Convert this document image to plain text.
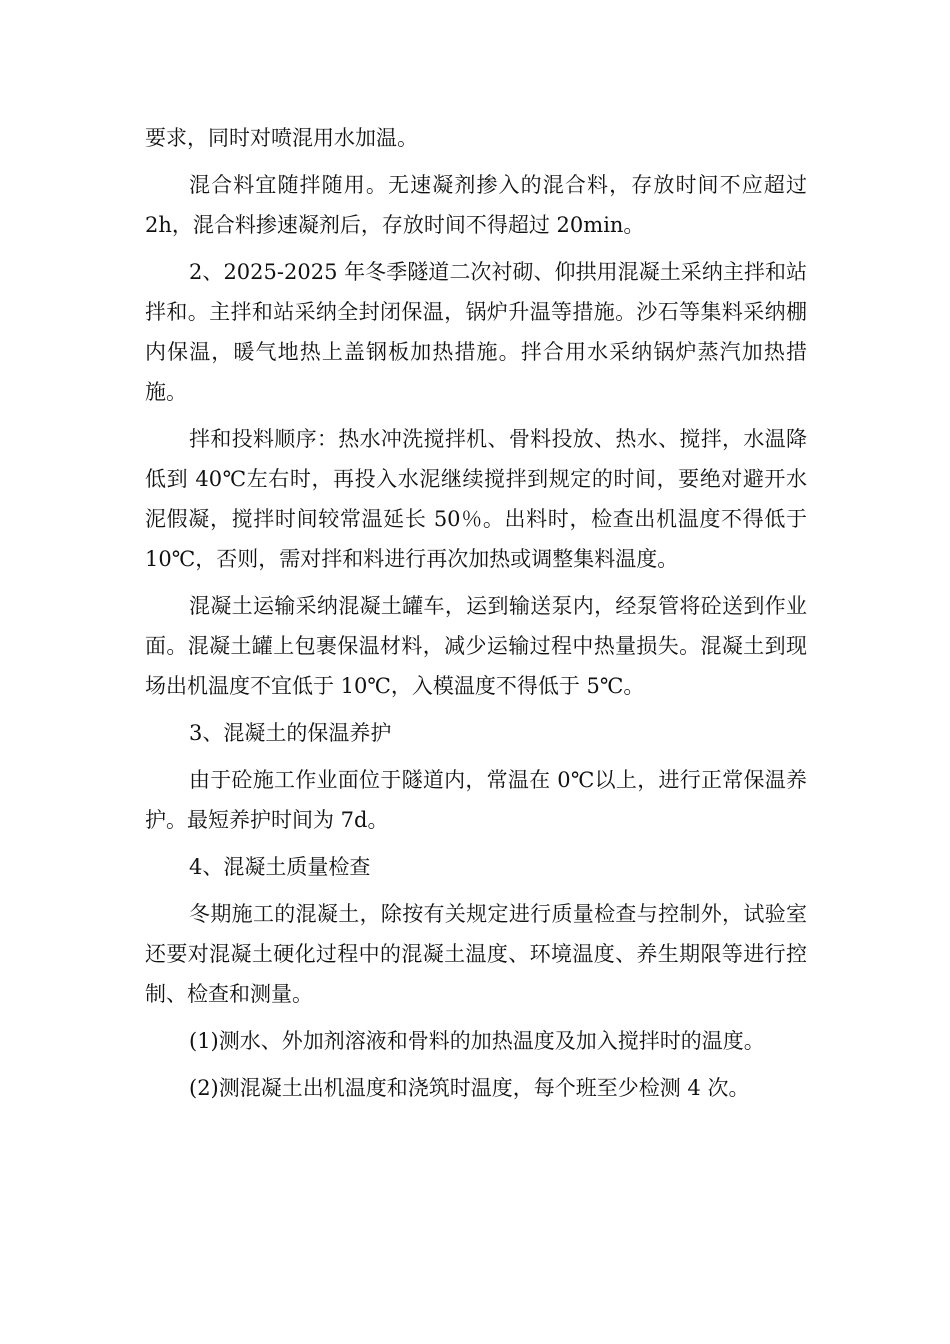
要求，同时对喷混用水加温。

混合料宜随拌随用。无速凝剂掺入的混合料，存放时间不应超过 2h，混合料掺速凝剂后，存放时间不得超过 20min。

2、2025-2025 年冬季隧道二次衬砌、仰拱用混凝土采纳主拌和站拌和。主拌和站采纳全封闭保温，锅炉升温等措施。沙石等集料采纳棚内保温，暖气地热上盖钢板加热措施。拌合用水采纳锅炉蒸汽加热措施。

拌和投料顺序：热水冲洗搅拌机、骨料投放、热水、搅拌，水温降低到 40℃左右时，再投入水泥继续搅拌到规定的时间，要绝对避开水泥假凝，搅拌时间较常温延长 50％。出料时，检查出机温度不得低于 10℃，否则，需对拌和料进行再次加热或调整集料温度。

混凝土运输采纳混凝土罐车，运到输送泵内，经泵管将砼送到作业面。混凝土罐上包裹保温材料，减少运输过程中热量损失。混凝土到现场出机温度不宜低于 10℃，入模温度不得低于 5℃。

3、混凝土的保温养护

由于砼施工作业面位于隧道内，常温在 0℃以上，进行正常保温养护。最短养护时间为 7d。

4、混凝土质量检查

冬期施工的混凝土，除按有关规定进行质量检查与控制外，试验室还要对混凝土硬化过程中的混凝土温度、环境温度、养生期限等进行控制、检查和测量。

(1)测水、外加剂溶液和骨料的加热温度及加入搅拌时的温度。

(2)测混凝土出机温度和浇筑时温度，每个班至少检测 4 次。
